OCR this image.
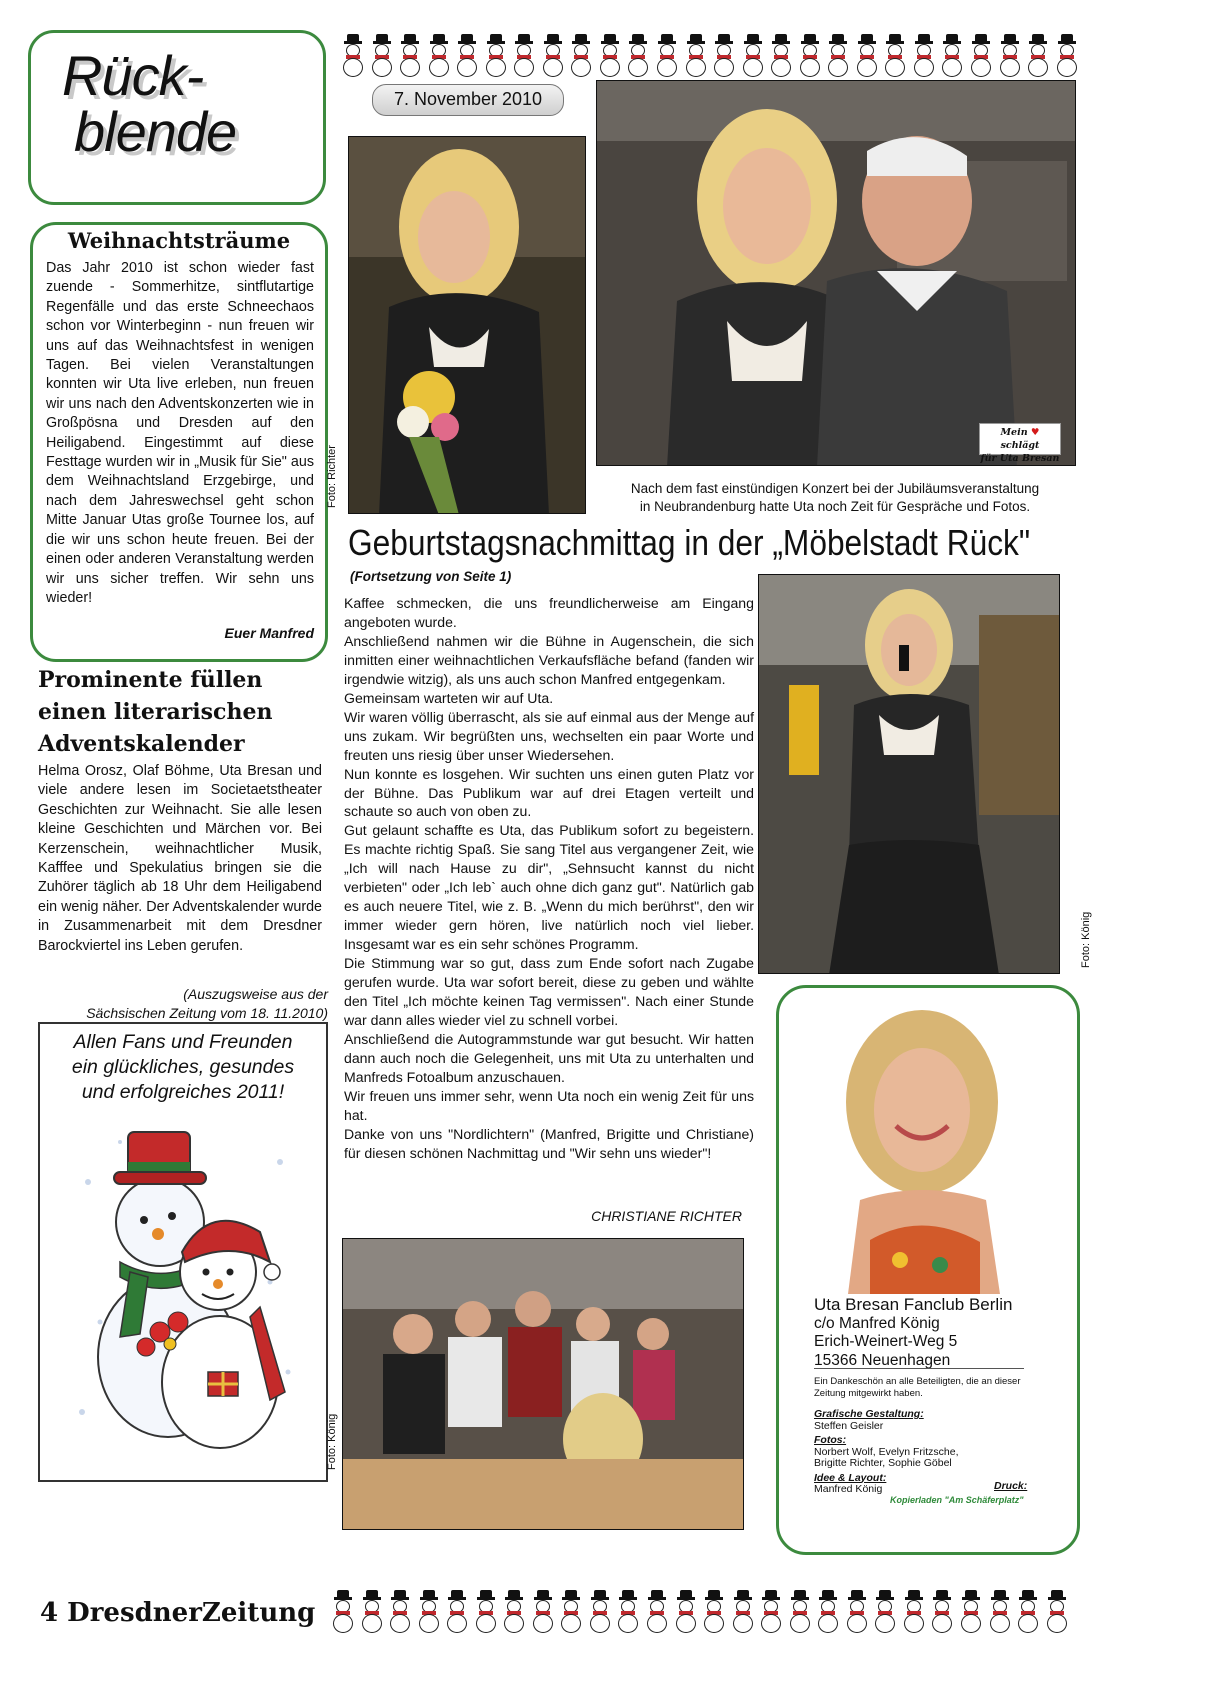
Rück-
blende
Weihnachtsträume
Das Jahr 2010 ist schon wieder fast zuende - Sommerhitze, sintflutartige Regenfälle und das erste Schneechaos schon vor Winterbeginn - nun freuen wir uns auf das Weihnachtsfest in wenigen Tagen. Bei vielen Veranstaltungen konnten wir Uta live erleben, nun freuen wir uns nach den Adventskonzerten wie in Großpösna und Dresden auf den Heiligabend. Eingestimmt auf diese Festtage wurden wir in „Musik für Sie" aus dem Weihnachtsland Erzgebirge, und nach dem Jahreswechsel geht schon Mitte Januar Utas große Tournee los, auf die wir uns schon heute freuen. Bei der einen oder anderen Veranstaltung werden wir uns sicher treffen. Wir sehn uns wieder!
Euer Manfred
Prominente füllen einen literarischen Adventskalender
Helma Orosz, Olaf Böhme, Uta Bresan und viele andere lesen im Societaetstheater Geschichten zur Weihnacht. Sie alle lesen kleine Geschichten und Märchen vor. Bei Kerzenschein, weihnachtlicher Musik, Kafffee und Spekulatius bringen sie die Zuhörer täglich ab 18 Uhr dem Heiligabend ein wenig näher. Der Adventskalender wurde in Zusammenarbeit mit dem Dresdner Barockviertel ins Leben gerufen.
(Auszugsweise aus der
Sächsischen Zeitung vom 18. 11.2010)
Allen Fans und Freunden
ein glückliches, gesundes
und erfolgreiches 2011!
4 DresdnerZeitung
7. November 2010
Foto: Richter
Mein ♥ schlägt
für Uta Bresan
Nach dem fast einstündigen Konzert bei der Jubiläumsveranstaltung
in Neubrandenburg hatte Uta noch Zeit für Gespräche und Fotos.
Geburtstagsnachmittag in der „Möbelstadt Rück"
(Fortsetzung von Seite 1)

Kaffee schmecken, die uns freundlicherweise am Eingang angeboten wurde.

Anschließend nahmen wir die Bühne in Augenschein, die sich inmitten einer weihnachtlichen Verkaufsfläche befand (fanden wir irgendwie witzig), als uns auch schon Manfred entgegenkam.

Gemeinsam warteten wir auf Uta.

Wir waren völlig überrascht, als sie auf einmal aus der Menge auf uns zukam. Wir begrüßten uns, wechselten ein paar Worte und freuten uns riesig über unser Wiedersehen.

Nun konnte es losgehen. Wir suchten uns einen guten Platz vor der Bühne. Das Publikum war auf drei Etagen verteilt und schaute so auch von oben zu.

Gut gelaunt schaffte es Uta, das Publikum sofort zu begeistern. Es machte richtig Spaß. Sie sang Titel aus vergangener Zeit, wie „Ich will nach Hause zu dir", „Sehnsucht kannst du nicht verbieten" oder „Ich leb` auch ohne dich ganz gut". Natürlich gab es auch neuere Titel, wie z. B. „Wenn du mich berührst", den wir immer wieder gern hören, live natürlich noch viel lieber. Insgesamt war es ein sehr schönes Programm.

Die Stimmung war so gut, dass zum Ende sofort nach Zugabe gerufen wurde. Uta war sofort bereit, diese zu geben und wählte den Titel „Ich möchte keinen Tag vermissen". Nach einer Stunde war dann alles wieder viel zu schnell vorbei.

Anschließend die Autogrammstunde war gut besucht. Wir hatten dann auch noch die Gelegenheit, uns mit Uta zu unterhalten und Manfreds Fotoalbum anzuschauen.

Wir freuen uns immer sehr, wenn Uta noch ein wenig Zeit für uns hat.

Danke von uns "Nordlichtern" (Manfred, Brigitte und Christiane) für diesen schönen Nachmittag und "Wir sehn uns wieder"!

CHRISTIANE RICHTER
Foto: König
Foto: König
Uta Bresan Fanclub Berlin
c/o Manfred König
Erich-Weinert-Weg 5
15366 Neuenhagen
Ein Dankeschön an alle Beteiligten, die an dieser Zeitung mitgewirkt haben.
Grafische Gestaltung:
Steffen Geisler
Fotos:
Norbert Wolf, Evelyn Fritzsche,
Brigitte Richter, Sophie Göbel
Idee & Layout:
Manfred König	Druck:
Kopierladen "Am Schäferplatz"
